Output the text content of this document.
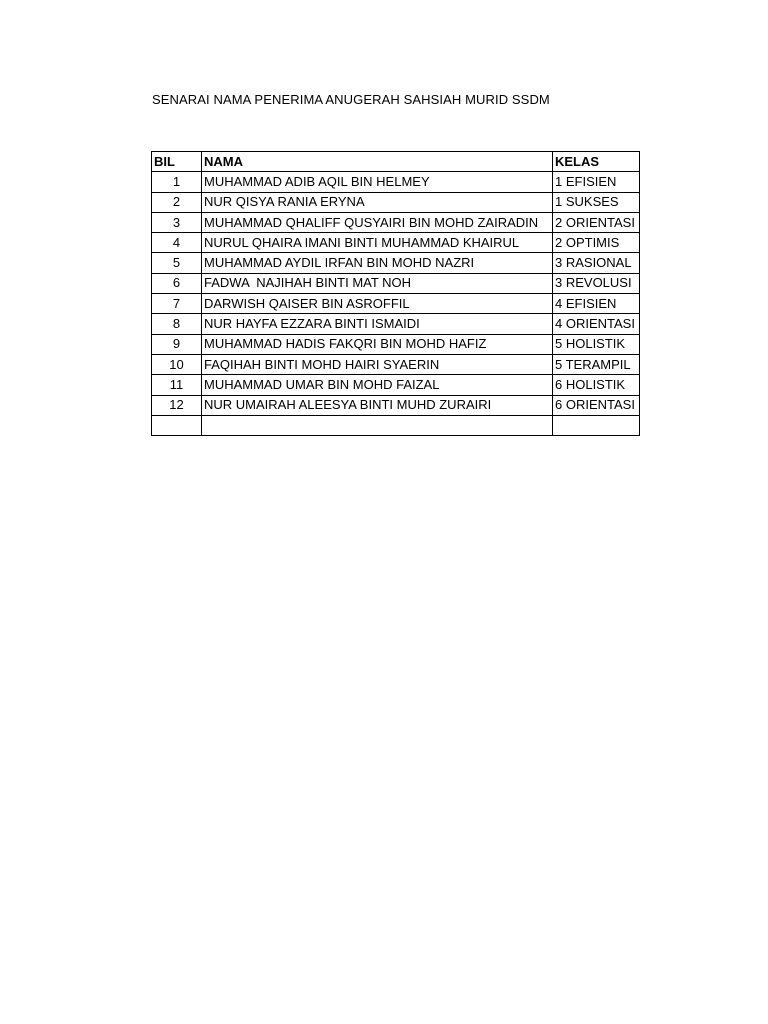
SENARAI NAMA PENERIMA ANUGERAH SAHSIAH MURID SSDM
BIL	NAMA	KELAS
1	MUHAMMAD ADIB AQIL BIN HELMEY	1 EFISIEN
2	NUR QISYA RANIA ERYNA	1 SUKSES
3	MUHAMMAD QHALIFF QUSYAIRI BIN MOHD ZAIRADIN	2 ORIENTASI
4	NURUL QHAIRA IMANI BINTI MUHAMMAD KHAIRUL	2 OPTIMIS
5	MUHAMMAD AYDIL IRFAN BIN MOHD NAZRI	3 RASIONAL
6	FADWA  NAJIHAH BINTI MAT NOH	3 REVOLUSI
7	DARWISH QAISER BIN ASROFFIL	4 EFISIEN
8	NUR HAYFA EZZARA BINTI ISMAIDI	4 ORIENTASI
9	MUHAMMAD HADIS FAKQRI BIN MOHD HAFIZ	5 HOLISTIK
10	FAQIHAH BINTI MOHD HAIRI SYAERIN	5 TERAMPIL
11	MUHAMMAD UMAR BIN MOHD FAIZAL	6 HOLISTIK
12	NUR UMAIRAH ALEESYA BINTI MUHD ZURAIRI	6 ORIENTASI
